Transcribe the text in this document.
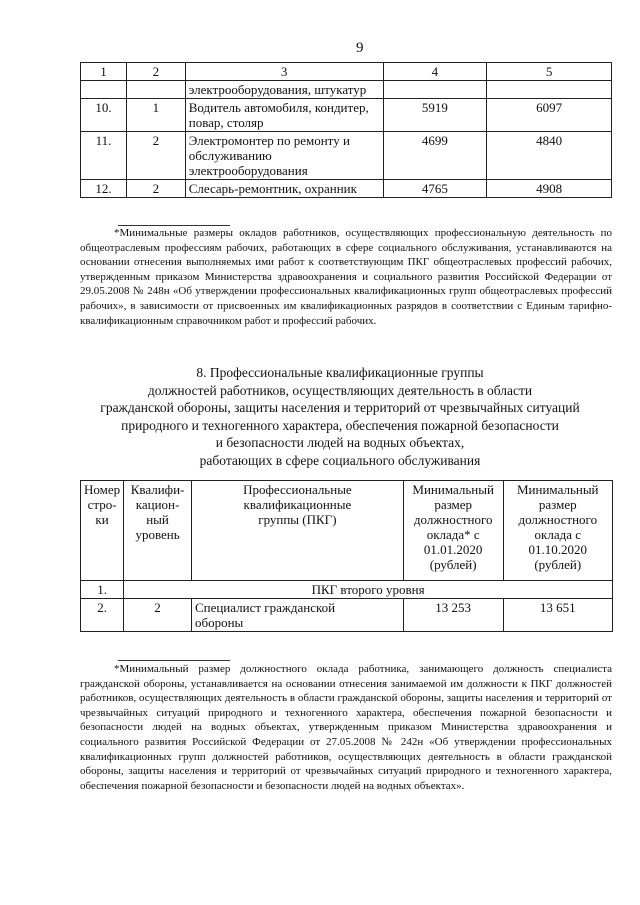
9
1	2	3	4	5
		электрооборудования, штукатур		
10.	1	Водитель автомобиля, кондитер, повар, столяр	5919	6097
11.	2	Электромонтер по ремонту и обслуживанию электрооборудования	4699	4840
12.	2	Слесарь-ремонтник, охранник	4765	4908

*Минимальные размеры окладов работников, осуществляющих профессиональную деятельность по общеотраслевым профессиям рабочих, работающих в сфере социального обслуживания, устанавливаются на основании отнесения выполняемых ими работ к соответствующим ПКГ общеотраслевых профессий рабочих, утвержденным приказом Министерства здравоохранения и социального развития Российской Федерации от 29.05.2008 № 248н «Об утверждении профессиональных квалификационных групп общеотраслевых профессий рабочих», в зависимости от присвоенных им квалификационных разрядов в соответствии с Единым тарифно-квалификационным справочником работ и профессий рабочих.

8. Профессиональные квалификационные группы
должностей работников, осуществляющих деятельность в области
гражданской обороны, защиты населения и территорий от чрезвычайных ситуаций
природного и техногенного характера, обеспечения пожарной безопасности
и безопасности людей на водных объектах,
работающих в сфере социального обслуживания
Номер стро-ки	Квалифи-кацион-ный уровень	Профессиональные квалификационные группы (ПКГ)	Минимальный размер должностного оклада* с 01.01.2020 (рублей)	Минимальный размер должностного оклада с 01.10.2020 (рублей)
1.	ПКГ второго уровня			
2.	2	Специалист гражданской обороны	13 253	13 651

*Минимальный размер должностного оклада работника, занимающего должность специалиста гражданской обороны, устанавливается на основании отнесения занимаемой им должности к ПКГ должностей работников, осуществляющих деятельность в области гражданской обороны, защиты населения и территорий от чрезвычайных ситуаций природного и техногенного характера, обеспечения пожарной безопасности и безопасности людей на водных объектах, утвержденным приказом Министерства здравоохранения и социального развития Российской Федерации от 27.05.2008 № 242н «Об утверждении профессиональных квалификационных групп должностей работников, осуществляющих деятельность в области гражданской обороны, защиты населения и территорий от чрезвычайных ситуаций природного и техногенного характера, обеспечения пожарной безопасности и безопасности людей на водных объектах».
